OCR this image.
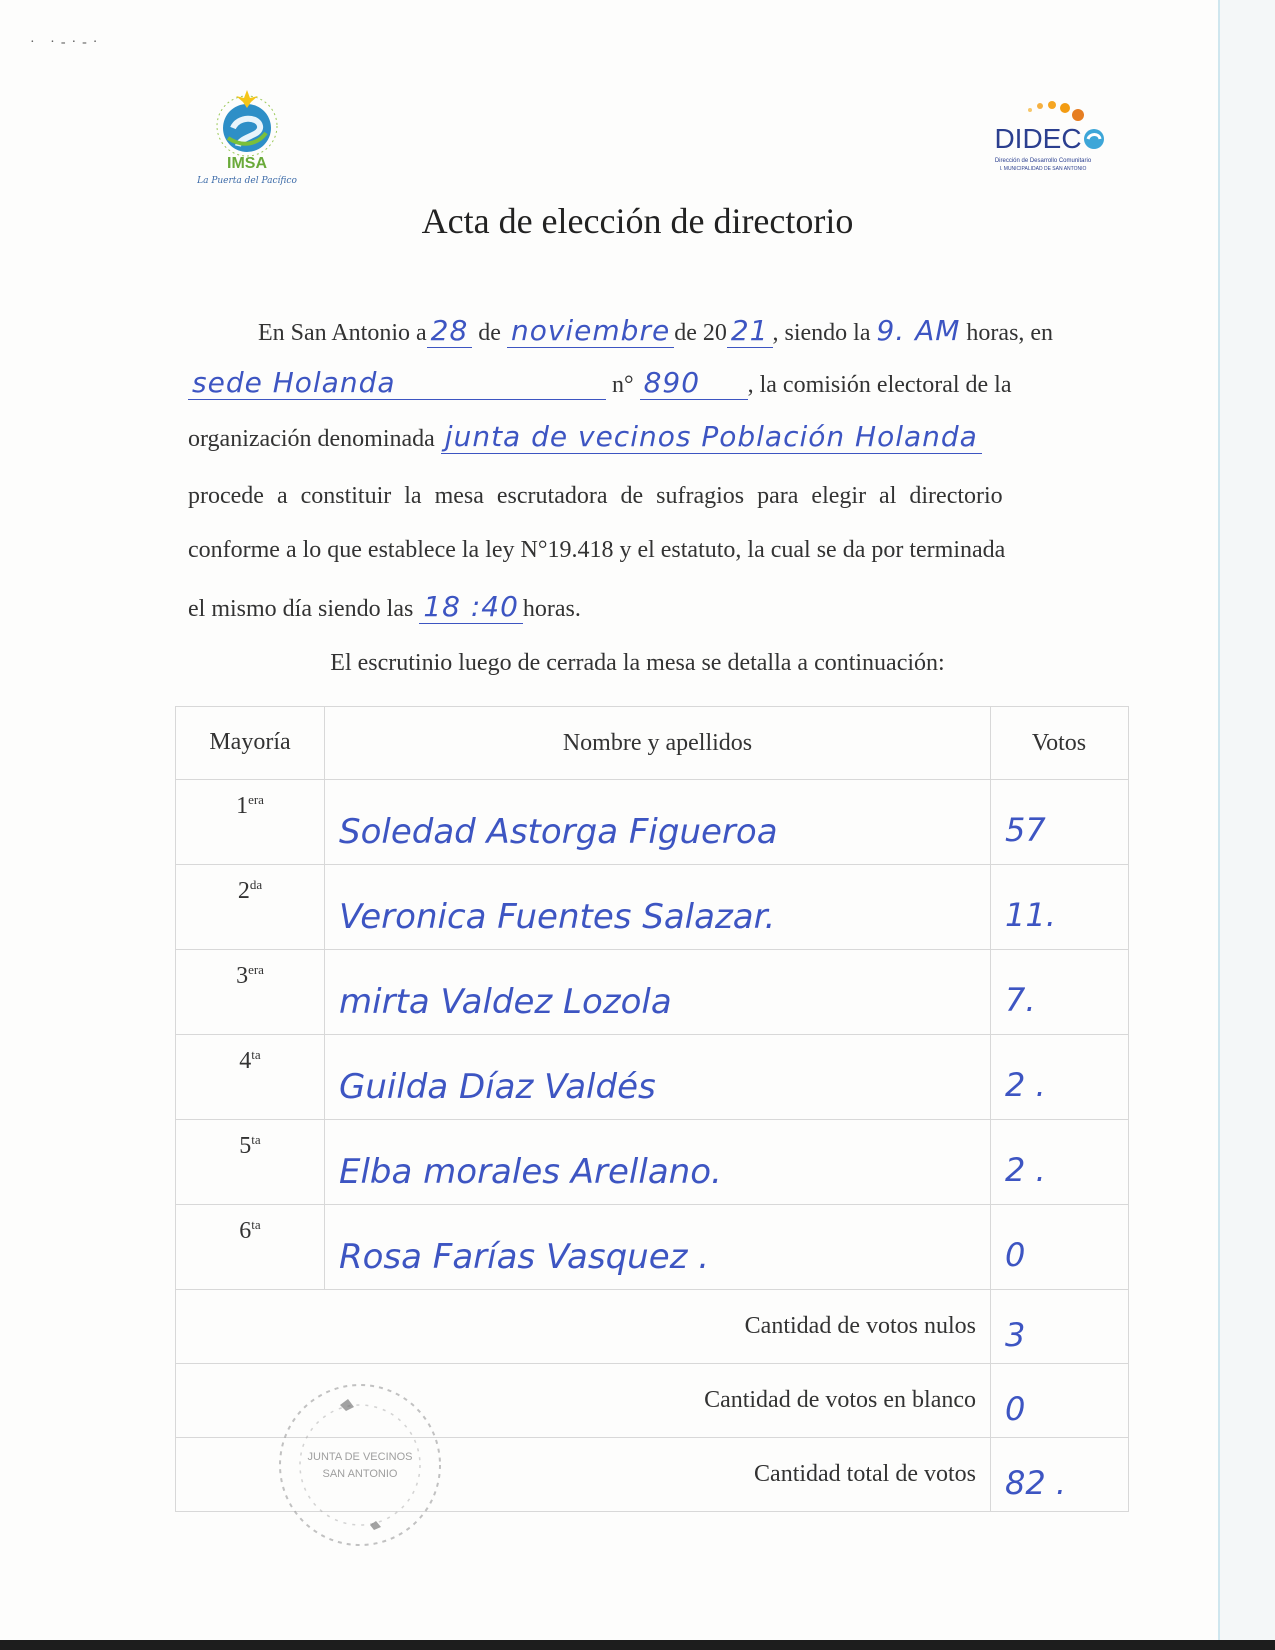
· ·-·-·
IMSA
La Puerta del Pacífico
DIDEC
Dirección de Desarrollo Comunitario
I. MUNICIPALIDAD DE SAN ANTONIO
Acta de elección de directorio
En San Antonio a 28 de noviembre de 20 21 , siendo la 9. AM horas, en
sede Holanda	n° 890 , la comisión electoral de la
organización denominada junta de vecinos Población Holanda
procede a constituir la mesa escrutadora de sufragios para elegir al directorio
conforme a lo que establece la ley N°19.418 y el estatuto, la cual se da por terminada
el mismo día siendo las 18 :40 horas.
El escrutinio luego de cerrada la mesa se detalla a continuación:
Mayoría	Nombre y apellidos	Votos
$1^{era}$	Soledad Astorga Figueroa	57
$2^{da}$	Veronica Fuentes Salazar.	11.
$3^{era}$	mirta Valdez Lozola	7.
$4^{ta}$	Guilda Díaz Valdés	2 .
$5^{ta}$	Elba morales Arellano.	2 .
$6^{ta}$	Rosa Farías Vasquez .	0
Cantidad de votos nulos		3
Cantidad de votos en blanco		0
Cantidad total de votos		82 .
JUNTA DE VECINOS
SAN ANTONIO
